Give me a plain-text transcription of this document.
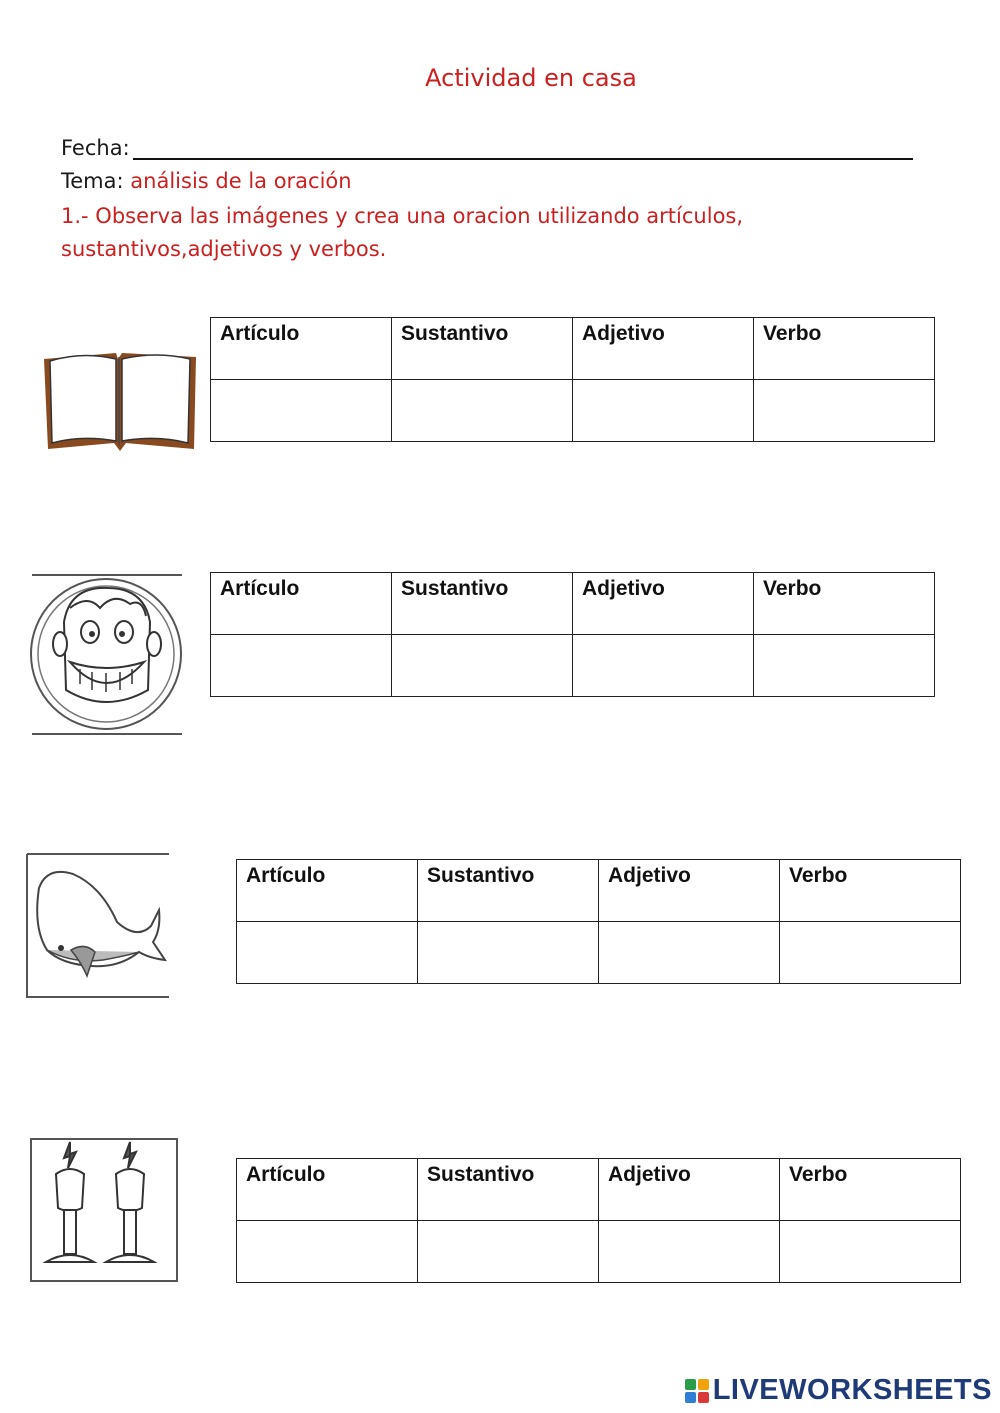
Actividad en casa
Fecha:
Tema: análisis de la oración
1.- Observa las imágenes y crea una oracion utilizando artículos,
sustantivos,adjetivos y verbos.
Artículo	Sustantivo	Adjetivo	Verbo

Artículo	Sustantivo	Adjetivo	Verbo

Artículo	Sustantivo	Adjetivo	Verbo

Artículo	Sustantivo	Adjetivo	Verbo

LIVEWORKSHEETS
